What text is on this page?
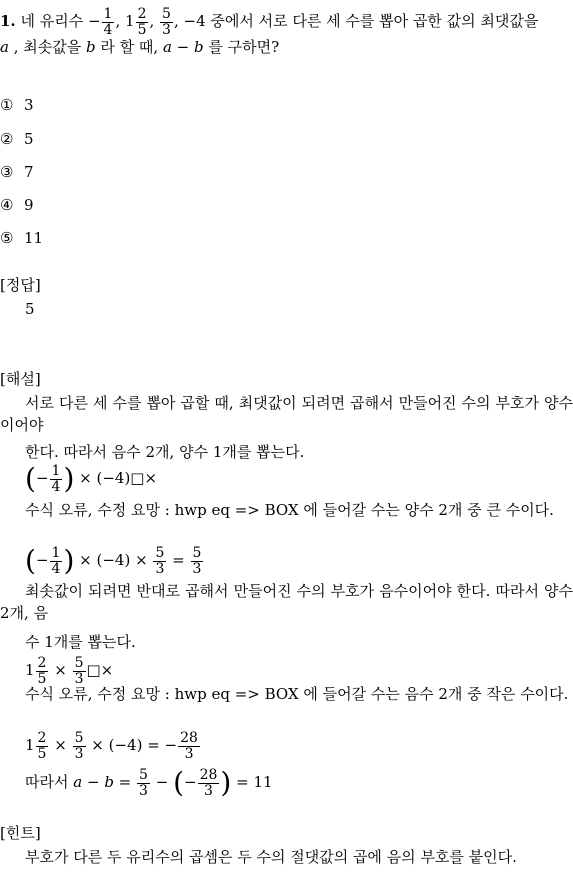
1. 네 유리수 − $\frac{1}{4}$ , $1 \frac{2}{5}$ , $\frac{5}{3}$ , −4 중에서 서로 다른 세 수를 뽑아 곱한 값의 최댓값을
a , 최솟값을 b 라 할 때, a − b 를 구하면?
① 3
② 5
③ 7
④ 9
⑤ 11
[정답]
5
[해설]
서로 다른 세 수를 뽑아 곱할 때, 최댓값이 되려면 곱해서 만들어진 수의 부호가 양수이어야
한다. 따라서 음수 2개, 양수 1개를 뽑는다.
(− $\frac{1}{4}$ ) × (−4)□×
수식 오류, 수정 요망 : hwp eq => BOX 에 들어갈 수는 양수 2개 중 큰 수이다.
(− $\frac{1}{4}$ ) × $(-4) \times \frac{5}{3} = \frac{5}{3}$
최솟값이 되려면 반대로 곱해서 만들어진 수의 부호가 음수이어야 한다. 따라서 양수 2개, 음
수 1개를 뽑는다.
$1 \frac{2}{5} \times \frac{5}{3}$ □×
수식 오류, 수정 요망 : hwp eq => BOX 에 들어갈 수는 음수 2개 중 작은 수이다.
$1 \frac{2}{5} \times \frac{5}{3} \times (-4)$ = − $\frac{28}{3}$
따라서 $a - b = \frac{5}{3}$ − (− $\frac{28}{3}$ ) = 11
[힌트]
부호가 다른 두 유리수의 곱셈은 두 수의 절댓값의 곱에 음의 부호를 붙인다.
